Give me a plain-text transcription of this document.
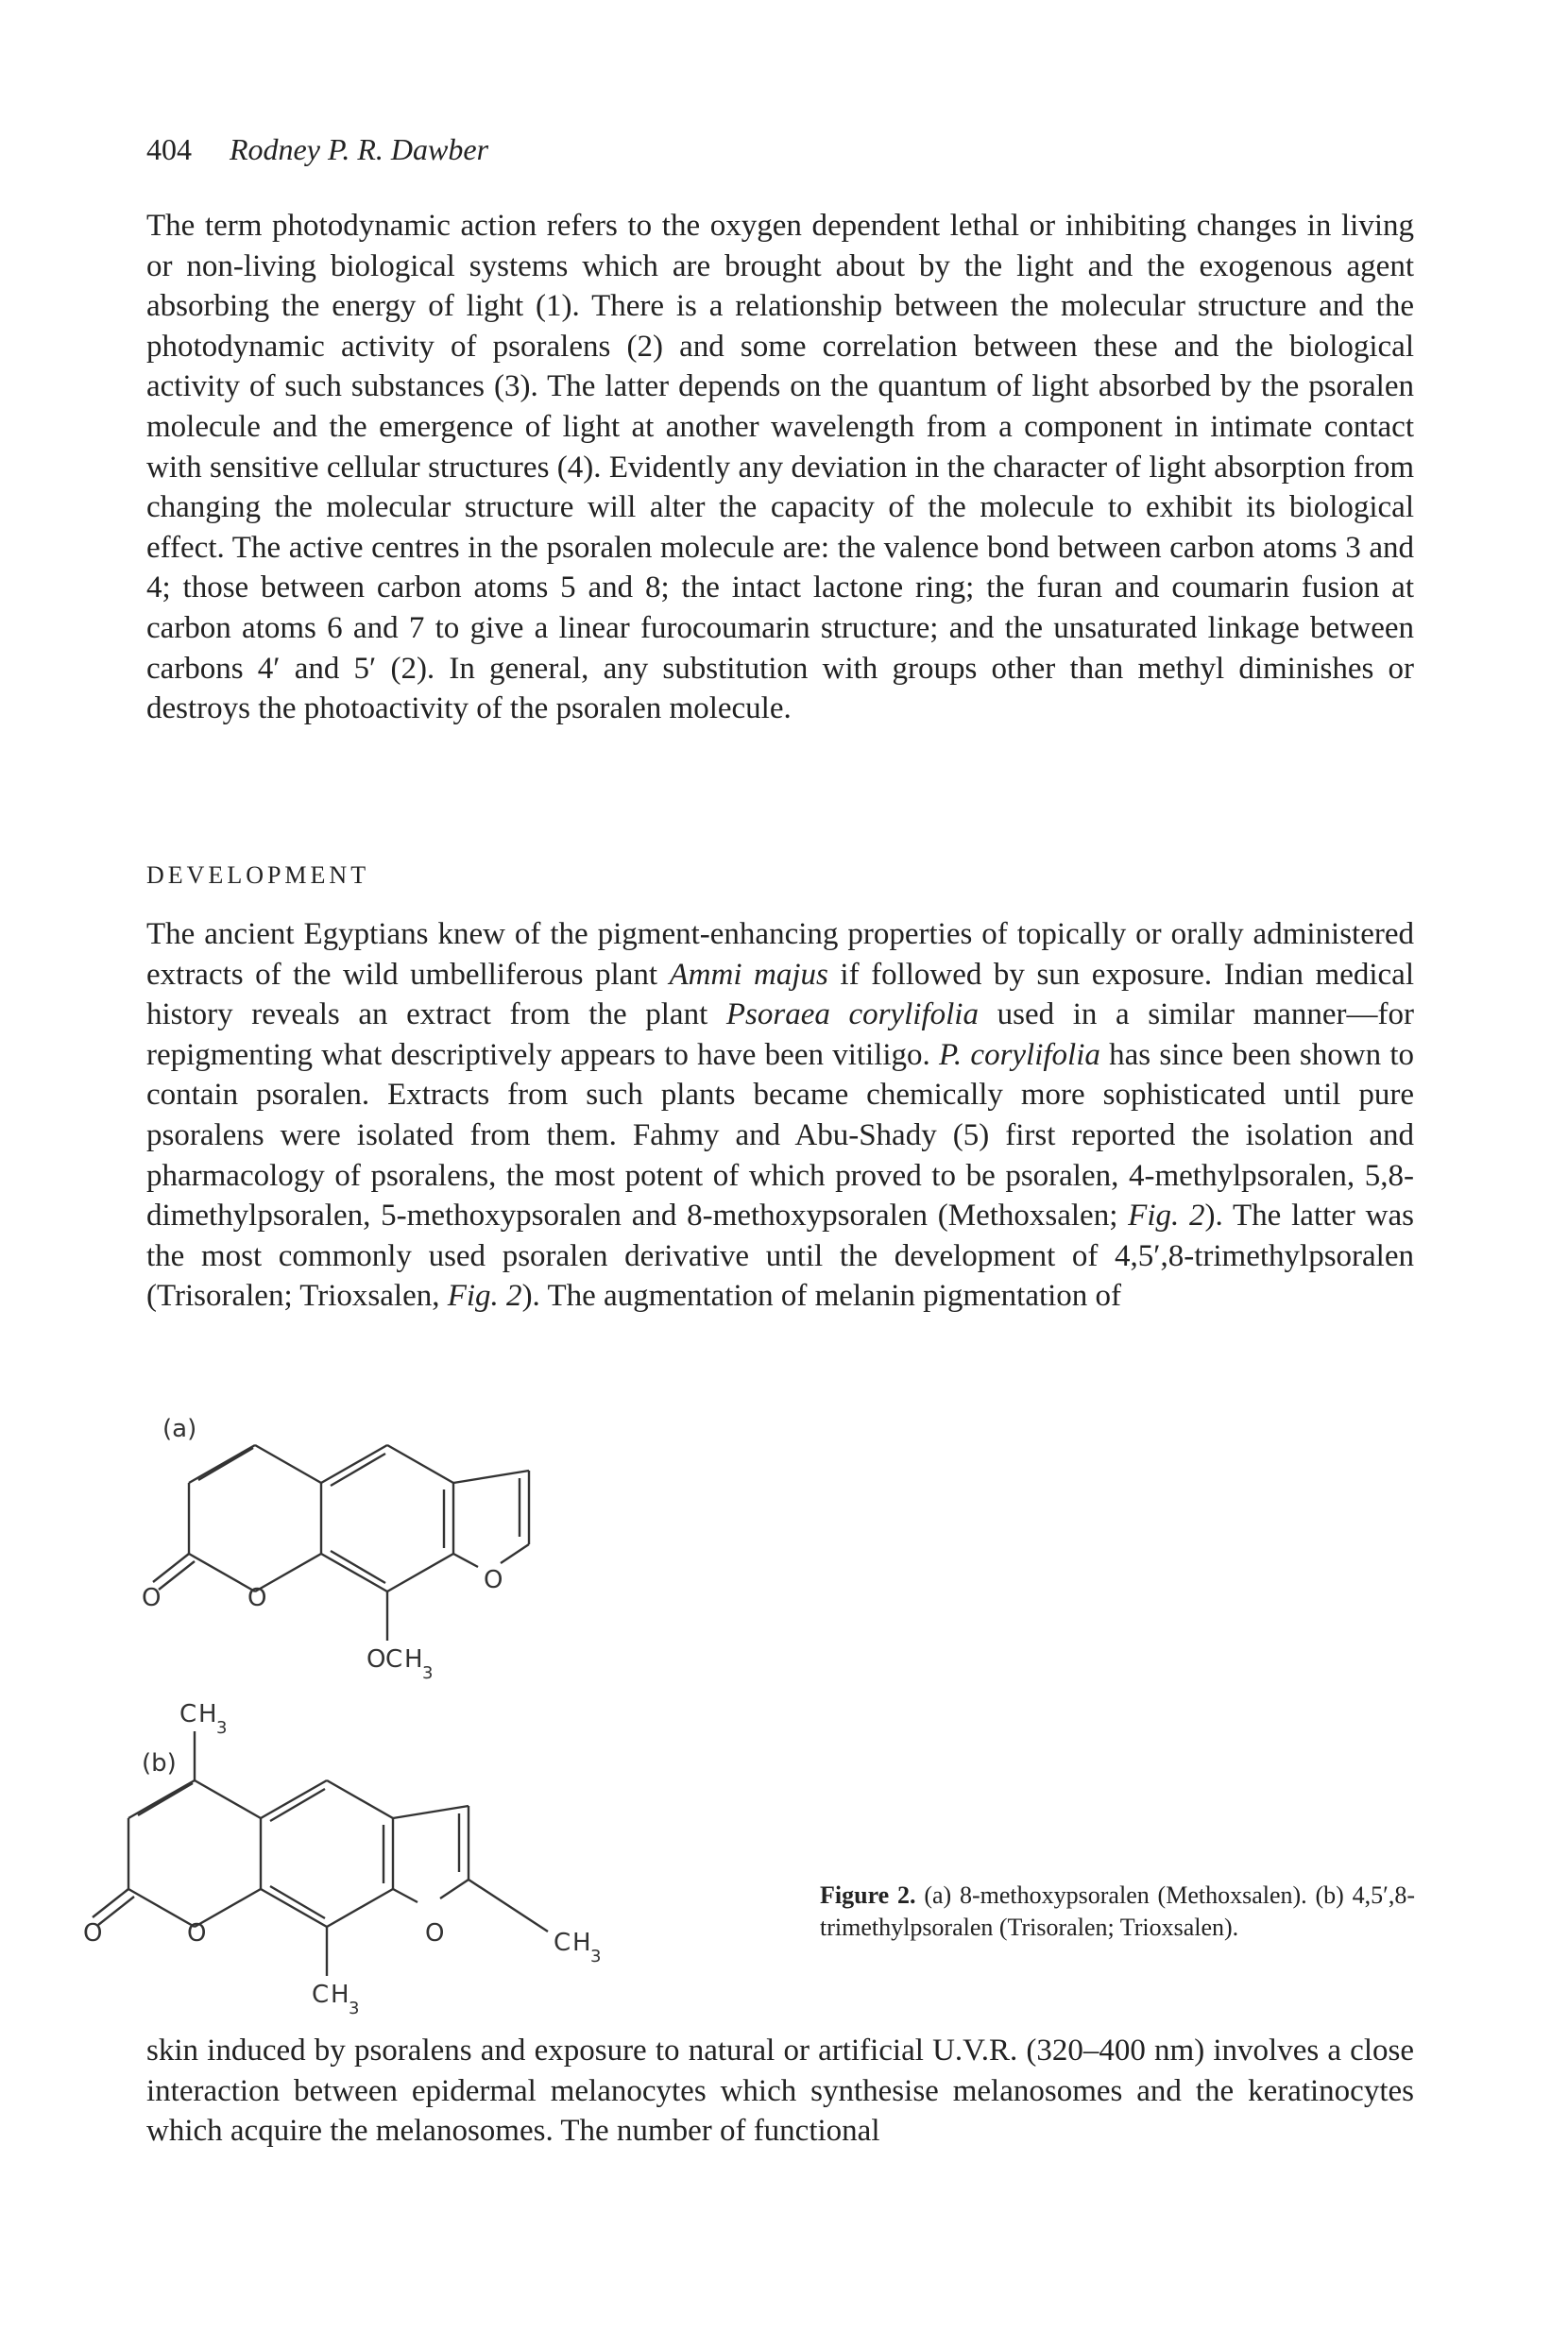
404 Rodney P. R. Dawber

The term photodynamic action refers to the oxygen dependent lethal or inhibiting changes in living or non-living biological systems which are brought about by the light and the exogenous agent absorbing the energy of light (1). There is a relationship between the molecular structure and the photodynamic activity of psoralens (2) and some correlation between these and the biological activity of such substances (3). The latter depends on the quantum of light absorbed by the psoralen molecule and the emergence of light at another wavelength from a component in intimate contact with sensitive cellular structures (4). Evidently any deviation in the character of light absorption from changing the molecular structure will alter the capacity of the molecule to exhibit its biological effect. The active centres in the psoralen molecule are: the valence bond between carbon atoms 3 and 4; those between carbon atoms 5 and 8; the intact lactone ring; the furan and coumarin fusion at carbon atoms 6 and 7 to give a linear furocoumarin structure; and the unsaturated linkage between carbons 4′ and 5′ (2). In general, any substitution with groups other than methyl diminishes or destroys the photoactivity of the psoralen molecule.

DEVELOPMENT

The ancient Egyptians knew of the pigment-enhancing properties of topically or orally administered extracts of the wild umbelliferous plant Ammi majus if followed by sun exposure. Indian medical history reveals an extract from the plant Psoraea corylifolia used in a similar manner—for repigmenting what descriptively appears to have been vitiligo. P. corylifolia has since been shown to contain psoralen. Extracts from such plants became chemically more sophisticated until pure psoralens were isolated from them. Fahmy and Abu-Shady (5) first reported the isolation and pharmacology of psoralens, the most potent of which proved to be psoralen, 4-methylpsoralen, 5,8-dimethylpsoralen, 5-methoxypsoralen and 8-methoxypsoralen (Methoxsalen; Fig. 2). The latter was the most commonly used psoralen derivative until the development of 4,5′,8-trimethylpsoralen (Trisoralen; Trioxsalen, Fig. 2). The augmentation of melanin pigmentation of

(a)
O	O
O
O C H 3
C H 3
(b)
O	O	O	C H 3
C H 3

Figure 2. (a) 8-methoxypsoralen (Methoxsalen). (b) 4,5′,8-trimethylpsoralen (Trisoralen; Trioxsalen).

skin induced by psoralens and exposure to natural or artificial U.V.R. (320–400 nm) involves a close interaction between epidermal melanocytes which synthesise melanosomes and the keratinocytes which acquire the melanosomes. The number of functional
